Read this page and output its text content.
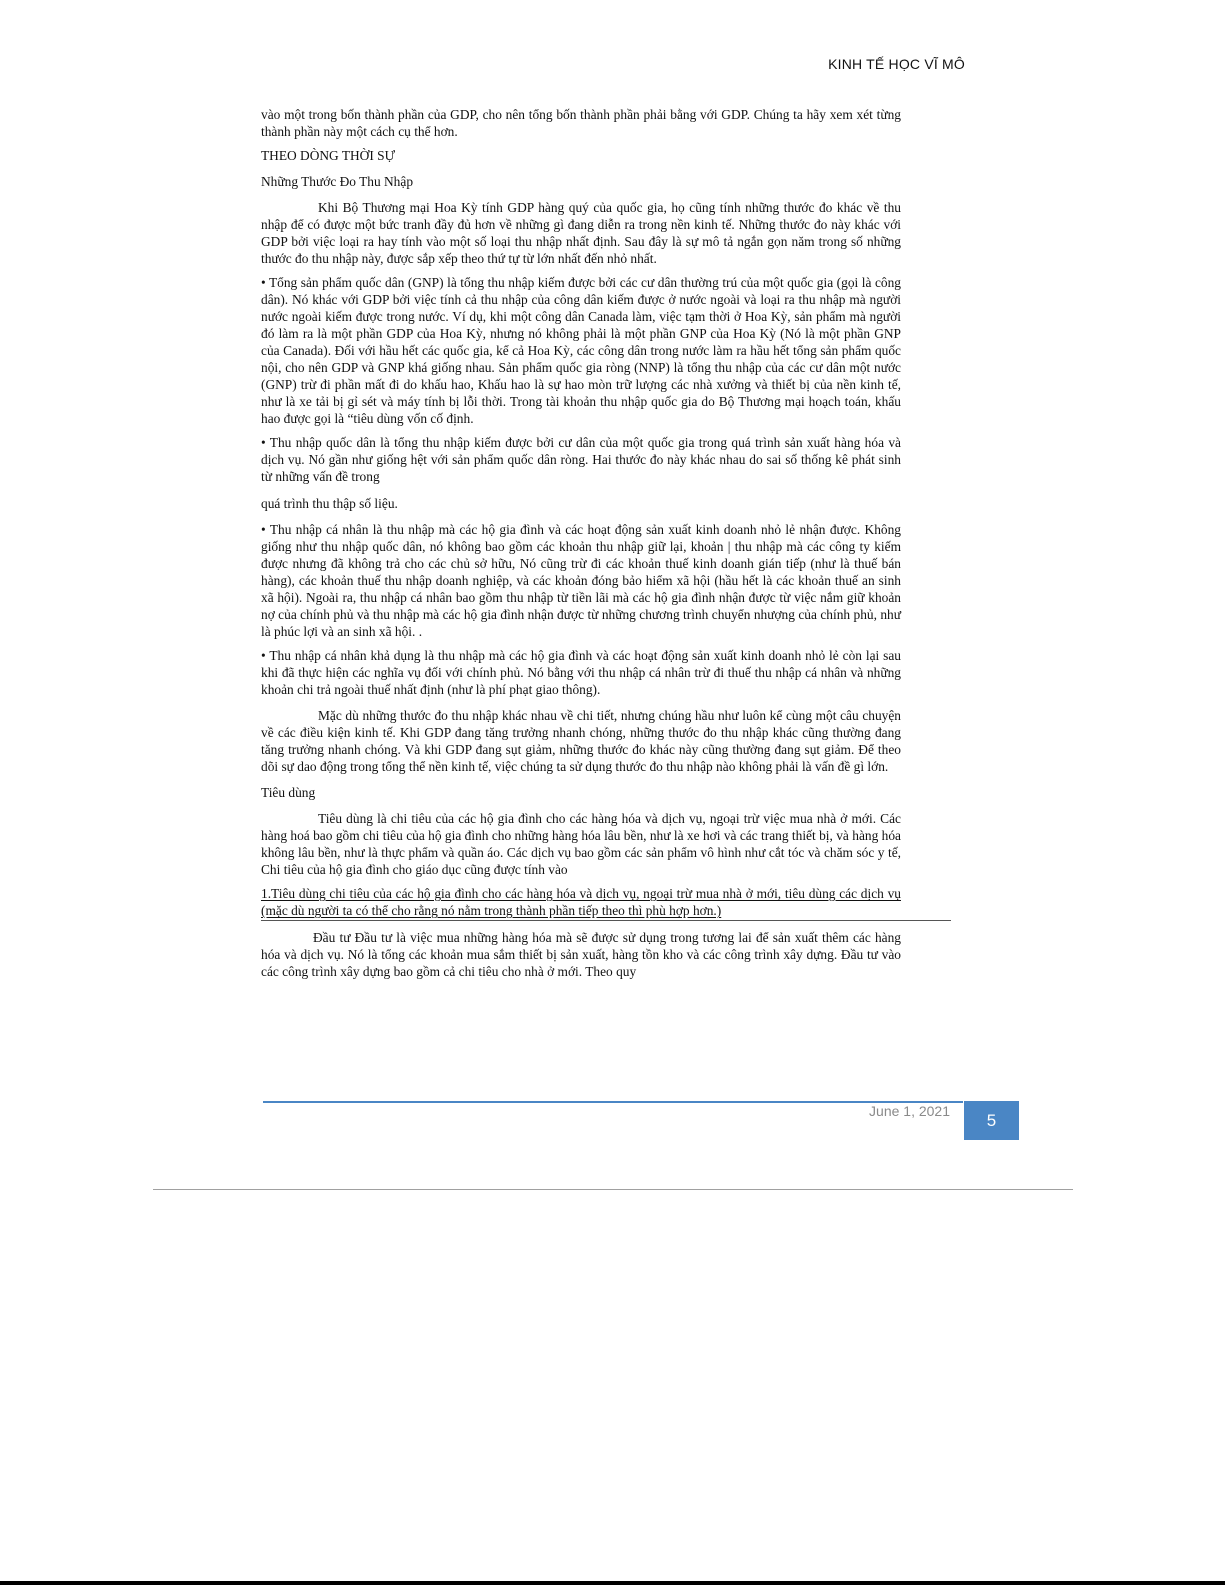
KINH TẾ HỌC VĨ MÔ

vào một trong bốn thành phần của GDP, cho nên tổng bốn thành phần phải bằng với GDP. Chúng ta hãy xem xét từng thành phần này một cách cụ thể hơn.

THEO DÒNG THỜI SỰ

Những Thước Đo Thu Nhập

Khi Bộ Thương mại Hoa Kỳ tính GDP hàng quý của quốc gia, họ cũng tính những thước đo khác về thu nhập để có được một bức tranh đầy đủ hơn về những gì đang diễn ra trong nền kinh tế. Những thước đo này khác với GDP bởi việc loại ra hay tính vào một số loại thu nhập nhất định. Sau đây là sự mô tả ngắn gọn năm trong số những thước đo thu nhập này, được sắp xếp theo thứ tự từ lớn nhất đến nhỏ nhất.

• Tổng sản phẩm quốc dân (GNP) là tổng thu nhập kiếm được bởi các cư dân thường trú của một quốc gia (gọi là công dân). Nó khác với GDP bởi việc tính cả thu nhập của công dân kiếm được ở nước ngoài và loại ra thu nhập mà người nước ngoài kiếm được trong nước. Ví dụ, khi một công dân Canada làm, việc tạm thời ở Hoa Kỳ, sản phẩm mà người đó làm ra là một phần GDP của Hoa Kỳ, nhưng nó không phải là một phần GNP của Hoa Kỳ (Nó là một phần GNP của Canada). Đối với hầu hết các quốc gia, kể cả Hoa Kỳ, các công dân trong nước làm ra hầu hết tổng sản phẩm quốc nội, cho nên GDP và GNP khá giống nhau. Sản phẩm quốc gia ròng (NNP) là tổng thu nhập của các cư dân một nước (GNP) trừ đi phần mất đi do khấu hao, Khấu hao là sự hao mòn trữ lượng các nhà xưởng và thiết bị của nền kinh tế, như là xe tải bị gỉ sét và máy tính bị lỗi thời. Trong tài khoản thu nhập quốc gia do Bộ Thương mại hoạch toán, khấu hao được gọi là “tiêu dùng vốn cố định.

• Thu nhập quốc dân là tổng thu nhập kiếm được bởi cư dân của một quốc gia trong quá trình sản xuất hàng hóa và dịch vụ. Nó gần như giống hệt với sản phẩm quốc dân ròng. Hai thước đo này khác nhau do sai số thống kê phát sinh từ những vấn đề trong

quá trình thu thập số liệu.

• Thu nhập cá nhân là thu nhập mà các hộ gia đình và các hoạt động sản xuất kinh doanh nhỏ lẻ nhận được. Không giống như thu nhập quốc dân, nó không bao gồm các khoản thu nhập giữ lại, khoản | thu nhập mà các công ty kiếm được nhưng đã không trả cho các chủ sở hữu, Nó cũng trừ đi các khoản thuế kinh doanh gián tiếp (như là thuế bán hàng), các khoản thuế thu nhập doanh nghiệp, và các khoản đóng bảo hiểm xã hội (hầu hết là các khoản thuế an sinh xã hội). Ngoài ra, thu nhập cá nhân bao gồm thu nhập từ tiền lãi mà các hộ gia đình nhận được từ việc nắm giữ khoản nợ của chính phủ và thu nhập mà các hộ gia đình nhận được từ những chương trình chuyển nhượng của chính phủ, như là phúc lợi và an sinh xã hội. .

• Thu nhập cá nhân khả dụng là thu nhập mà các hộ gia đình và các hoạt động sản xuất kinh doanh nhỏ lẻ còn lại sau khi đã thực hiện các nghĩa vụ đối với chính phủ. Nó bằng với thu nhập cá nhân trừ đi thuế thu nhập cá nhân và những khoản chi trả ngoài thuế nhất định (như là phí phạt giao thông).

Mặc dù những thước đo thu nhập khác nhau về chi tiết, nhưng chúng hầu như luôn kể cùng một câu chuyện về các điều kiện kinh tế. Khi GDP đang tăng trưởng nhanh chóng, những thước đo thu nhập khác cũng thường đang tăng trưởng nhanh chóng. Và khi GDP đang sụt giảm, những thước đo khác này cũng thường đang sụt giảm. Để theo dõi sự dao động trong tổng thể nền kinh tế, việc chúng ta sử dụng thước đo thu nhập nào không phải là vấn đề gì lớn.

Tiêu dùng

Tiêu dùng là chi tiêu của các hộ gia đình cho các hàng hóa và dịch vụ, ngoại trừ việc mua nhà ở mới. Các hàng hoá bao gồm chi tiêu của hộ gia đình cho những hàng hóa lâu bền, như là xe hơi và các trang thiết bị, và hàng hóa không lâu bền, như là thực phẩm và quần áo. Các dịch vụ bao gồm các sản phẩm vô hình như cắt tóc và chăm sóc y tế, Chi tiêu của hộ gia đình cho giáo dục cũng được tính vào

1.Tiêu dùng chi tiêu của các hộ gia đình cho các hàng hóa và dịch vụ, ngoại trừ mua nhà ở mới, tiêu dùng các dịch vụ (mặc dù người ta có thể cho rằng nó nằm trong thành phần tiếp theo thì phù hợp hơn.)

Đầu tư Đầu tư là việc mua những hàng hóa mà sẽ được sử dụng trong tương lai để sản xuất thêm các hàng hóa và dịch vụ. Nó là tổng các khoản mua sắm thiết bị sản xuất, hàng tồn kho và các công trình xây dựng. Đầu tư vào các công trình xây dựng bao gồm cả chi tiêu cho nhà ở mới. Theo quy

June 1, 2021 5
